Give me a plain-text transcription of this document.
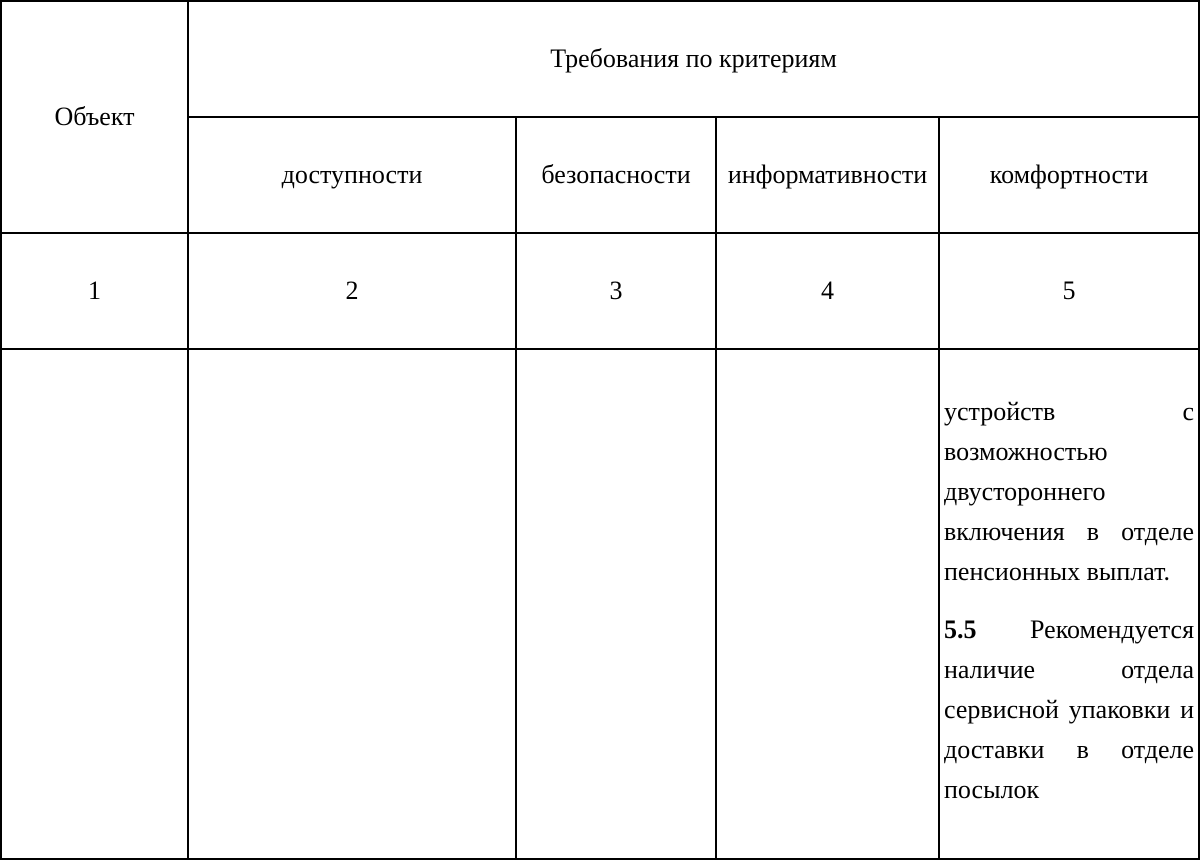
Объект	Требования по критериям			
	доступности	безопасности	информативности	комфортности
1	2	3	4	5

				устройств с возможностью двустороннего включения в отделе пенсионных выплат.

5.5 Рекомендуется наличие отдела сервисной упаковки и доставки в отделе посылок
